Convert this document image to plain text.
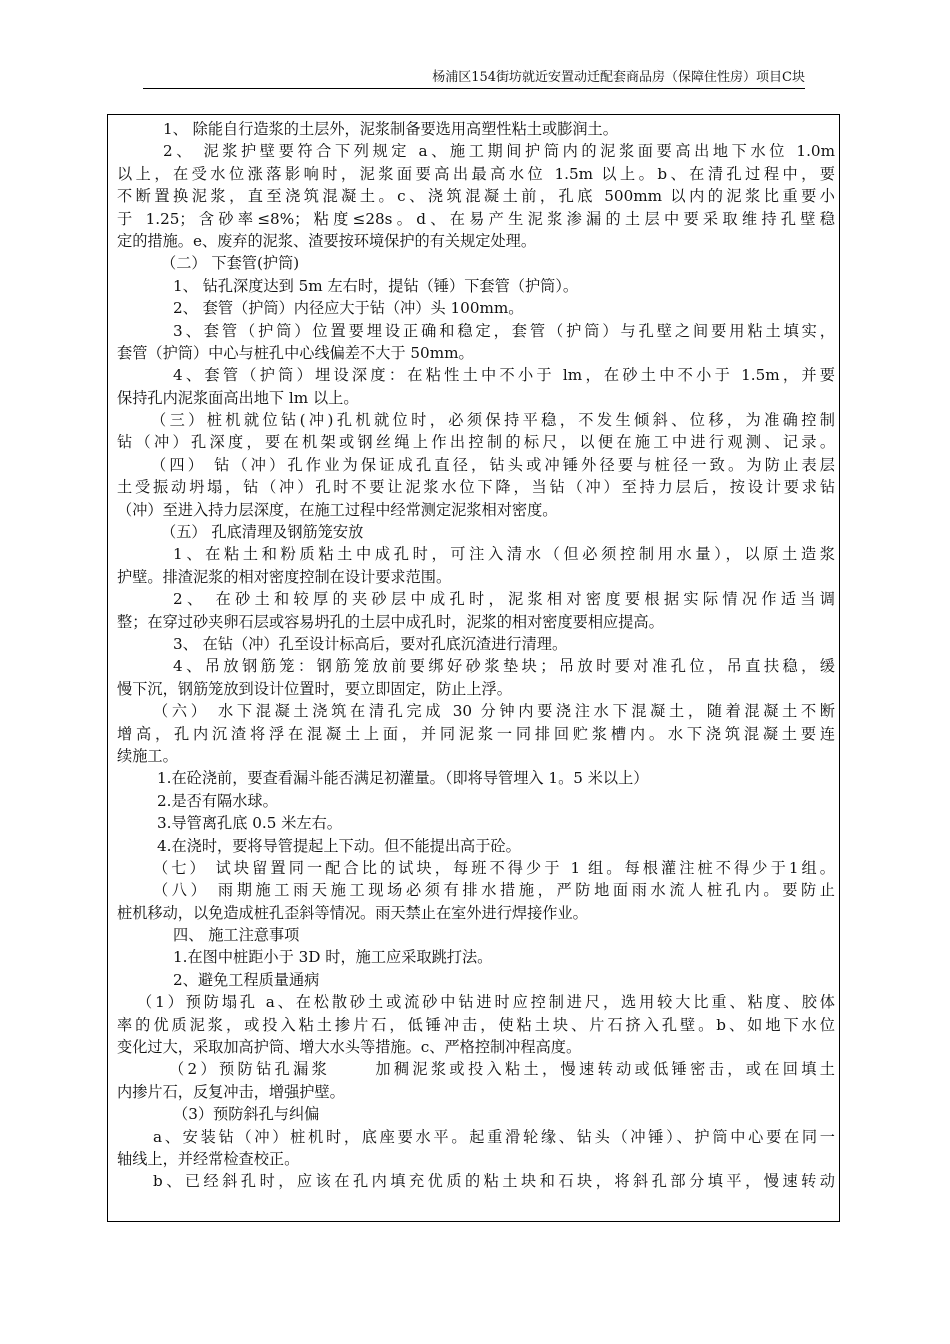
杨浦区154街坊就近安置动迁配套商品房（保障住性房）项目C块
1、 除能自行造浆的土层外，泥浆制备要选用高塑性粘土或膨润土。
2、 泥浆护壁要符合下列规定 a、施工期间护筒内的泥浆面要高出地下水位 1.0m
以上，在受水位涨落影响时，泥浆面要高出最高水位 1.5m 以上。b、在清孔过程中，要
不断置换泥浆，直至浇筑混凝土。c、浇筑混凝土前，孔底 500mm 以内的泥浆比重要小
于 1.25；含砂率≤8%；粘度≤28s。d、在易产生泥浆渗漏的土层中要采取维持孔壁稳
定的措施。e、废弃的泥浆、渣要按环境保护的有关规定处理。
（二） 下套管(护筒)
1、 钻孔深度达到 5m 左右时，提钻（锤）下套管（护筒）。
2、 套管（护筒）内径应大于钻（冲）头 100mm。
3、套管（护筒）位置要埋设正确和稳定，套管（护筒）与孔壁之间要用粘土填实，
套管（护筒）中心与桩孔中心线偏差不大于 50mm。
4、套管（护筒）埋设深度：在粘性土中不小于 lm，在砂土中不小于 1.5m，并要
保持孔内泥浆面高出地下 lm 以上。
（三）桩机就位钻(冲)孔机就位时，必须保持平稳，不发生倾斜、位移，为准确控制
钻（冲）孔深度，要在机架或钢丝绳上作出控制的标尺，以便在施工中进行观测、记录。
（四） 钻（冲）孔作业为保证成孔直径，钻头或冲锤外径要与桩径一致。为防止表层
土受振动坍塌，钻（冲）孔时不要让泥浆水位下降，当钻（冲）至持力层后，按设计要求钻
（冲）至进入持力层深度，在施工过程中经常测定泥浆相对密度。
（五） 孔底清理及钢筋笼安放
1、在粘土和粉质粘土中成孔时，可注入清水（但必须控制用水量），以原土造浆
护壁。排渣泥浆的相对密度控制在设计要求范围。
2、 在砂土和较厚的夹砂层中成孔时，泥浆相对密度要根据实际情况作适当调
整；在穿过砂夹卵石层或容易坍孔的土层中成孔时，泥浆的相对密度要相应提高。
3、 在钻（冲）孔至设计标高后，要对孔底沉渣进行清理。
4、吊放钢筋笼：钢筋笼放前要绑好砂浆垫块；吊放时要对准孔位，吊直扶稳，缓
慢下沉，钢筋笼放到设计位置时，要立即固定，防止上浮。
（六） 水下混凝土浇筑在清孔完成 30 分钟内要浇注水下混凝土，随着混凝土不断
增高，孔内沉渣将浮在混凝土上面，并同泥浆一同排回贮浆槽内。水下浇筑混凝土要连
续施工。
1.在砼浇前，要查看漏斗能否满足初灌量。（即将导管埋入 1。5 米以上）
2.是否有隔水球。
3.导管离孔底 0.5 米左右。
4.在浇时，要将导管提起上下动。但不能提出高于砼。
（七） 试块留置同一配合比的试块，每班不得少于 1 组。每根灌注桩不得少于1组。
（八） 雨期施工雨天施工现场必须有排水措施，严防地面雨水流人桩孔内。要防止
桩机移动，以免造成桩孔歪斜等情况。雨天禁止在室外进行焊接作业。
四、 施工注意事项
1.在图中桩距小于 3D 时，施工应采取跳打法。
2、避免工程质量通病
（1）预防塌孔 a、在松散砂土或流砂中钻进时应控制进尺，选用较大比重、粘度、胶体
率的优质泥浆，或投入粘土掺片石，低锤冲击，使粘土块、片石挤入孔壁。b、如地下水位
变化过大，采取加高护筒、增大水头等措施。c、严格控制冲程高度。
（2）预防钻孔漏浆　　 加稠泥浆或投入粘土，慢速转动或低锤密击，或在回填土
内掺片石，反复冲击，增强护壁。
（3）预防斜孔与纠偏
a、安装钻（冲）桩机时，底座要水平。起重滑轮缘、钻头（冲锤）、护筒中心要在同一
轴线上，并经常检查校正。
b、已经斜孔时，应该在孔内填充优质的粘土块和石块，将斜孔部分填平，慢速转动
